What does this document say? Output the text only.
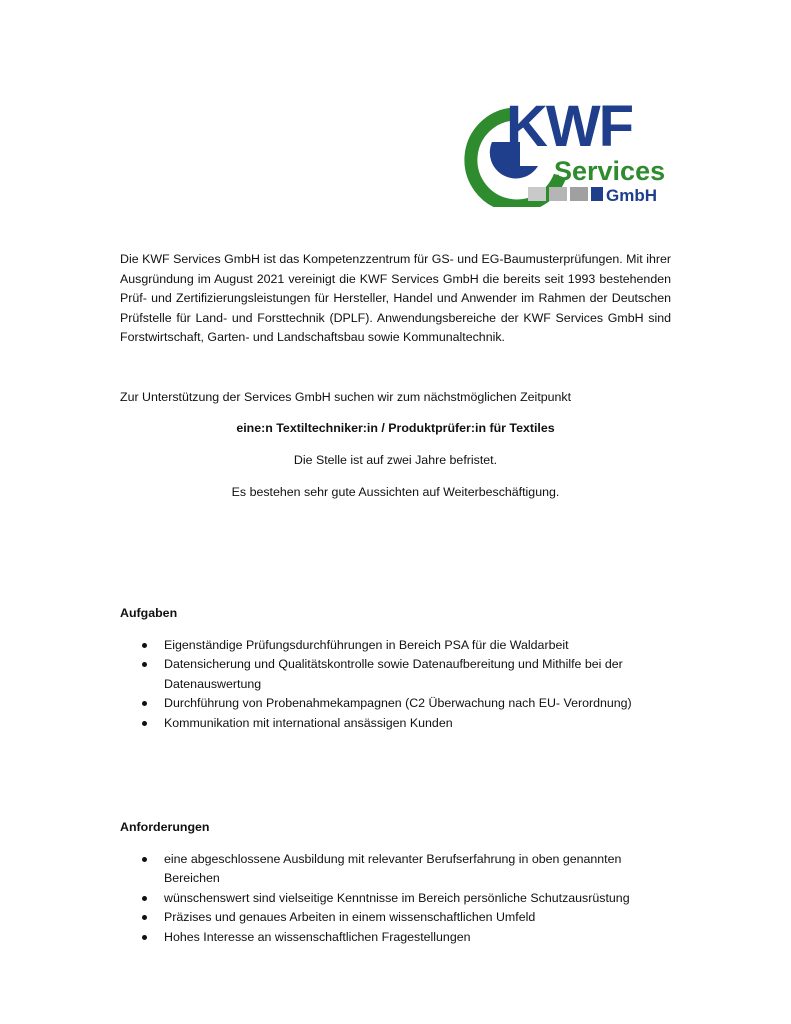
KWF
Services
GmbH

Die KWF Services GmbH ist das Kompetenzzentrum für GS- und EG-Baumusterprüfungen. Mit ihrer Ausgründung im August 2021 vereinigt die KWF Services GmbH die bereits seit 1993 bestehenden Prüf- und Zertifizierungsleistungen für Hersteller, Handel und Anwender im Rahmen der Deutschen Prüfstelle für Land- und Forsttechnik (DPLF). Anwendungsbereiche der KWF Services GmbH sind Forstwirtschaft, Garten- und Landschaftsbau sowie Kommunaltechnik.

Zur Unterstützung der Services GmbH suchen wir zum nächstmöglichen Zeitpunkt

eine:n Textiltechniker:in / Produktprüfer:in für Textiles

Die Stelle ist auf zwei Jahre befristet.

Es bestehen sehr gute Aussichten auf Weiterbeschäftigung.

Aufgaben

Eigenständige Prüfungsdurchführungen in Bereich PSA für die Waldarbeit
Datensicherung und Qualitätskontrolle sowie Datenaufbereitung und Mithilfe bei der Datenauswertung
Durchführung von Probenahmekampagnen (C2 Überwachung nach EU- Verordnung)
Kommunikation mit international ansässigen Kunden

Anforderungen

eine abgeschlossene Ausbildung mit relevanter Berufserfahrung in oben genannten Bereichen
wünschenswert sind vielseitige Kenntnisse im Bereich persönliche Schutzausrüstung
Präzises und genaues Arbeiten in einem wissenschaftlichen Umfeld
Hohes Interesse an wissenschaftlichen Fragestellungen
